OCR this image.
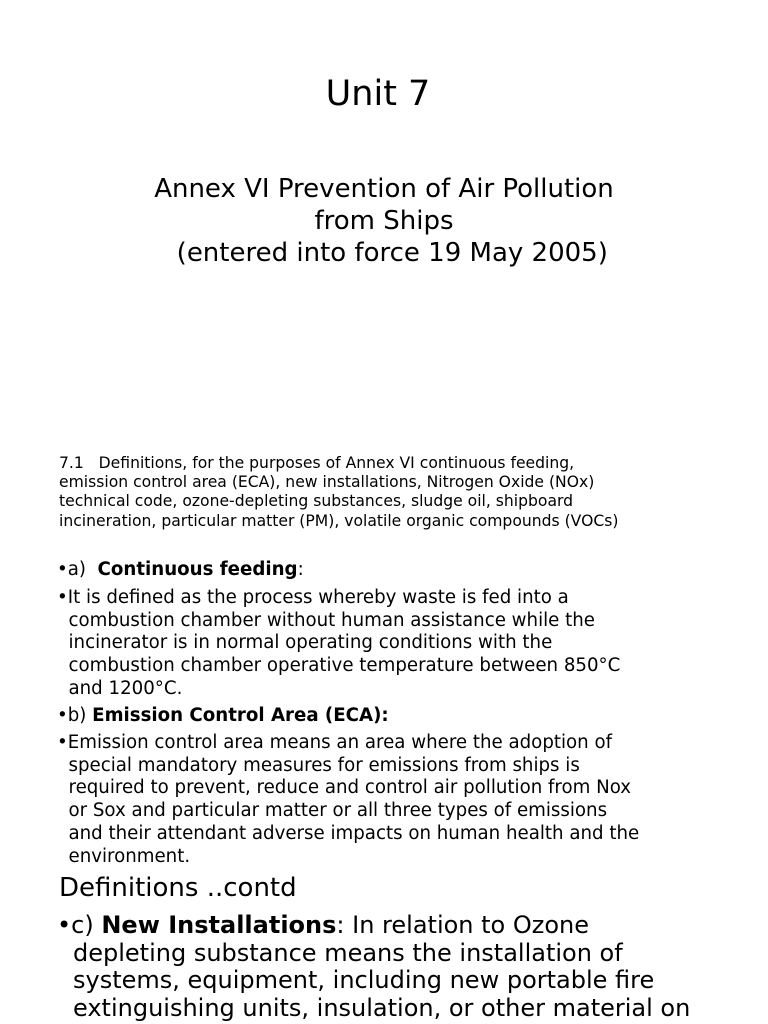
Unit 7
Annex VI Prevention of Air Pollution
from Ships
(entered into force 19 May 2005)
7.1   Definitions, for the purposes of Annex VI continuous feeding,
emission control area (ECA), new installations, Nitrogen Oxide (NOx)
technical code, ozone-depleting substances, sludge oil, shipboard
incineration, particular matter (PM), volatile organic compounds (VOCs)
•a)  Continuous feeding:
•It is defined as the process whereby waste is fed into a
combustion chamber without human assistance while the
incinerator is in normal operating conditions with the
combustion chamber operative temperature between 850°C
and 1200°C.
•b) Emission Control Area (ECA):
•Emission control area means an area where the adoption of
special mandatory measures for emissions from ships is
required to prevent, reduce and control air pollution from Nox
or Sox and particular matter or all three types of emissions
and their attendant adverse impacts on human health and the
environment.
Definitions ..contd
•c) New Installations: In relation to Ozone
depleting substance means the installation of
systems, equipment, including new portable fire
extinguishing units, insulation, or other material on
